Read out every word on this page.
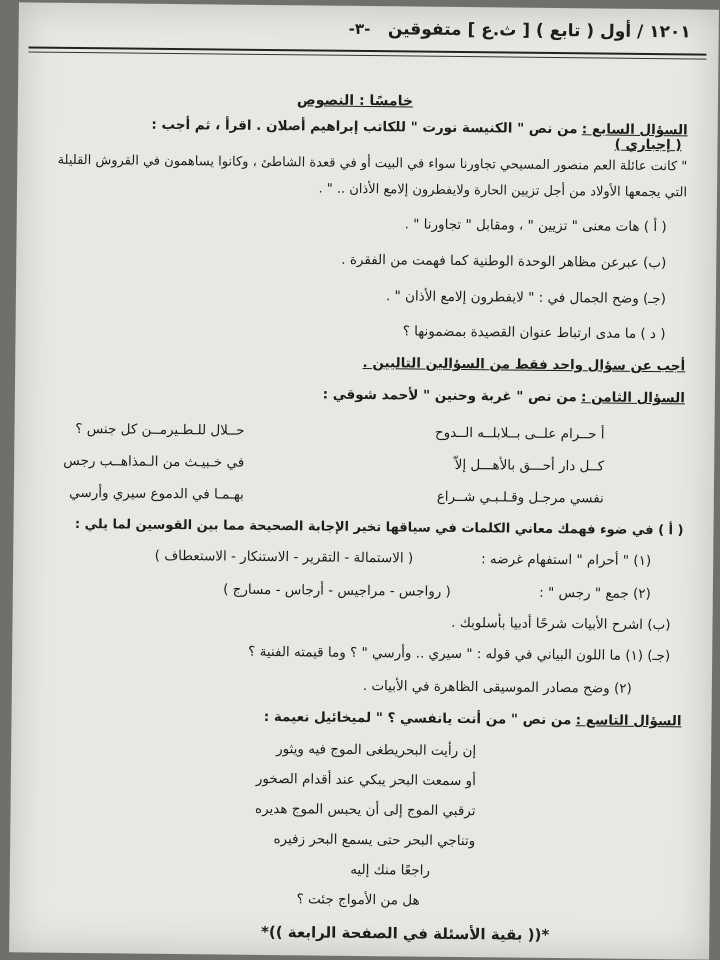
١٢٠١ / أول ( تابع ) [ ث.ع ] متفوقين
-٣-
خامسًا : النصوص
السؤال السابع : من نص " الكنيسة نورت " للكاتب إبراهيم أصلان . اقرأ ، ثم أجب :
( إجباري )
" كانت عائلة العم منصور المسيحي تجاورنا سواء في البيت أو في قعدة الشاطئ ، وكانوا يساهمون في القروش القليلة
التي يجمعها الأولاد من أجل تزيين الحارة ولايفطرون إلامع الأذان .. " .
( أ ) هات معنى " تزيين " ، ومقابل " تجاورنا " .
(ب) عبرعن مظاهر الوحدة الوطنية كما فهمت من الفقرة .
(جـ) وضح الجمال في : " لايفطرون إلامع الأذان " .
( د ) ما مدى ارتباط عنوان القصيدة بمضمونها ؟
أجب عن سؤال واحد فقط من السؤالين التاليين .
السؤال الثامن : من نص " غربة وحنين " لأحمد شوقي :
أ حــرام علــى بــلابلــه الــدوح
حــلال للـطـيرمــن كل جنس ؟
كــل دار أحـــق بالأهـــل إلاّ
في خـبيـث من الـمذاهــب رجس
نفسي مرجـل وقـلـبـي شــراع
بهـمـا في الدموع سيري وأرسي
( أ ) في ضوء فهمك معاني الكلمات في سياقها تخير الإجابة الصحيحة مما بين القوسين لما يلي :
(١) " أحرام " استفهام غرضه :
( الاستمالة - التقرير - الاستنكار - الاستعطاف )
(٢) جمع " رجس " :
( رواجس - مراجيس - أرجاس - مسارج )
(ب) اشرح الأبيات شرحًا أدبيا بأسلوبك .
(جـ) (١) ما اللون البياني في قوله : " سيري .. وأرسي " ؟ وما قيمته الفنية ؟
(٢) وضح مصادر الموسيقى الظاهرة في الأبيات .
السؤال التاسع : من نص " من أنت يانفسي ؟ " لميخائيل نعيمة :
إن رأيت البحريطغى الموج فيه ويثور
أو سمعت البحر يبكي عند أقدام الصخور
ترقبي الموج إلى أن يحبس الموج هديره
وتناجي البحر حتى يسمع البحر زفيره
راجعًا منك إليه
هل من الأمواج جئت ؟
*(( بقية الأسئلة في الصفحة الرابعة ))*
